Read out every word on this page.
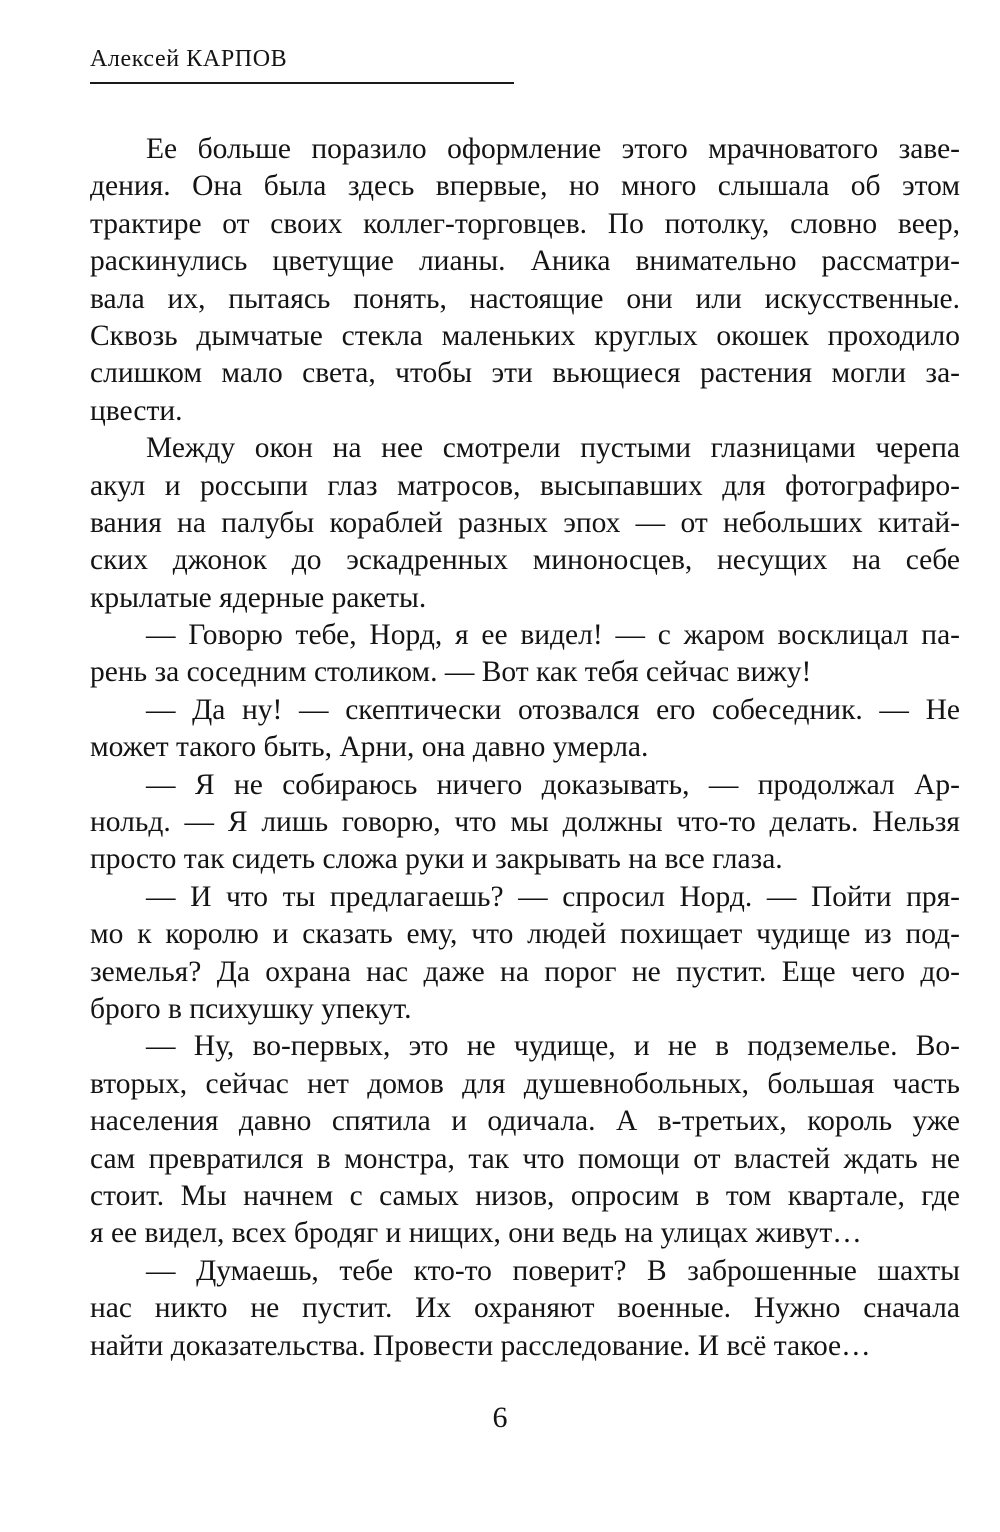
Алексей КАРПОВ
Ее больше поразило оформление этого мрачноватого заве-
дения. Она была здесь впервые, но много слышала об этом
трактире от своих коллег-торговцев. По потолку, словно веер,
раскинулись цветущие лианы. Аника внимательно рассматри-
вала их, пытаясь понять, настоящие они или искусственные.
Сквозь дымчатые стекла маленьких круглых окошек проходило
слишком мало света, чтобы эти вьющиеся растения могли за-
цвести.
Между окон на нее смотрели пустыми глазницами черепа
акул и россыпи глаз матросов, высыпавших для фотографиро-
вания на палубы кораблей разных эпох — от небольших китай-
ских джонок до эскадренных миноносцев, несущих на себе
крылатые ядерные ракеты.
— Говорю тебе, Норд, я ее видел! — с жаром восклицал па-
рень за соседним столиком. — Вот как тебя сейчас вижу!
— Да ну! — скептически отозвался его собеседник. — Не
может такого быть, Арни, она давно умерла.
— Я не собираюсь ничего доказывать, — продолжал Ар-
нольд. — Я лишь говорю, что мы должны что-то делать. Нельзя
просто так сидеть сложа руки и закрывать на все глаза.
— И что ты предлагаешь? — спросил Норд. — Пойти пря-
мо к королю и сказать ему, что людей похищает чудище из под-
земелья? Да охрана нас даже на порог не пустит. Еще чего до-
брого в психушку упекут.
— Ну, во-первых, это не чудище, и не в подземелье. Во-
вторых, сейчас нет домов для душевнобольных, большая часть
населения давно спятила и одичала. А в-третьих, король уже
сам превратился в монстра, так что помощи от властей ждать не
стоит. Мы начнем с самых низов, опросим в том квартале, где
я ее видел, всех бродяг и нищих, они ведь на улицах живут…
— Думаешь, тебе кто-то поверит? В заброшенные шахты
нас никто не пустит. Их охраняют военные. Нужно сначала
найти доказательства. Провести расследование. И всё такое…
6
